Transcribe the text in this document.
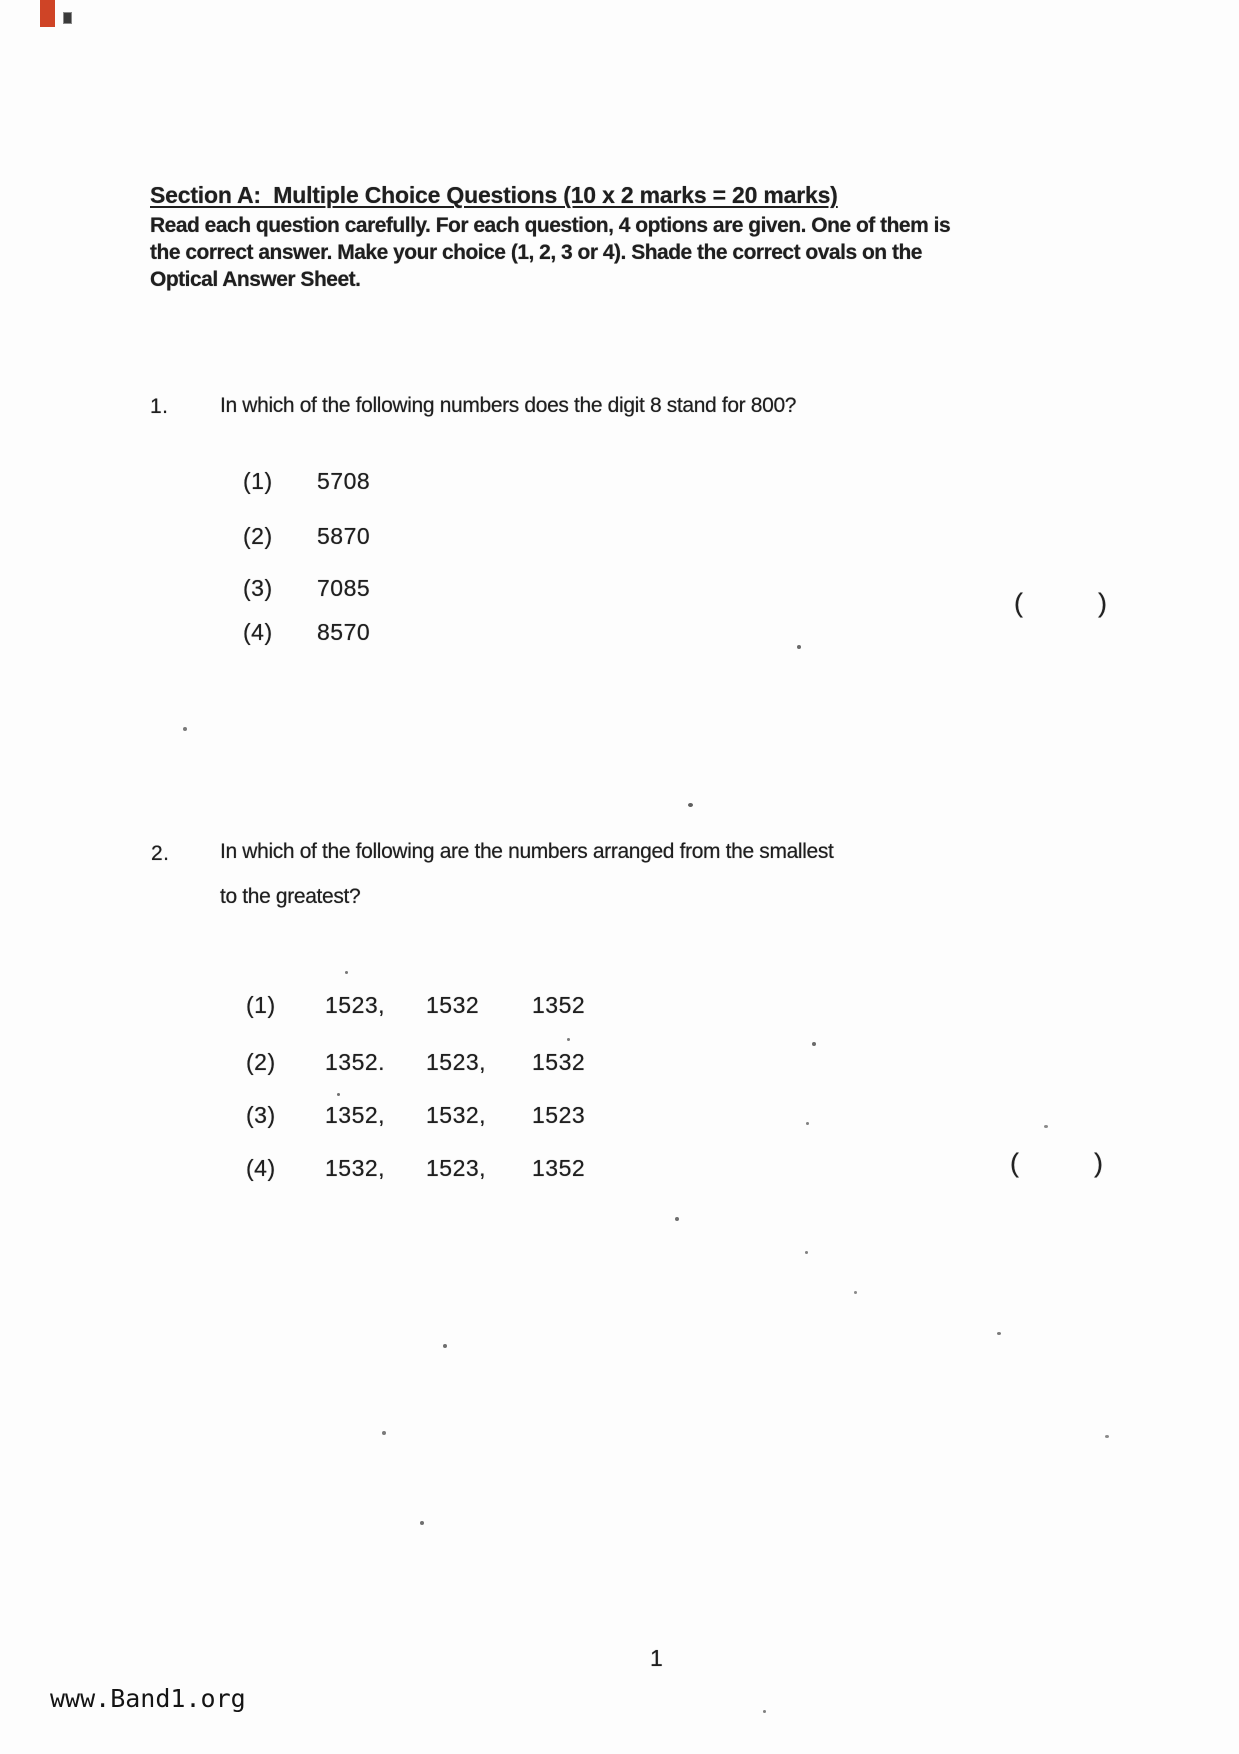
Section A:  Multiple Choice Questions (10 x 2 marks = 20 marks)

Read each question carefully. For each question, 4 options are given. One of them is

the correct answer. Make your choice (1, 2, 3 or 4). Shade the correct ovals on the

Optical Answer Sheet.

1. In which of the following numbers does the digit 8 stand for 800?
(1) 5708
(2) 5870
(3) 7085
(4) 8570
(	)
2. In which of the following are the numbers arranged from the smallest
to the greatest?
(1) 1523, 1532 1352
(2) 1352. 1523, 1532
(3) 1352, 1532, 1523
(4) 1532, 1523, 1352	(	)
1
www.Band1.org
